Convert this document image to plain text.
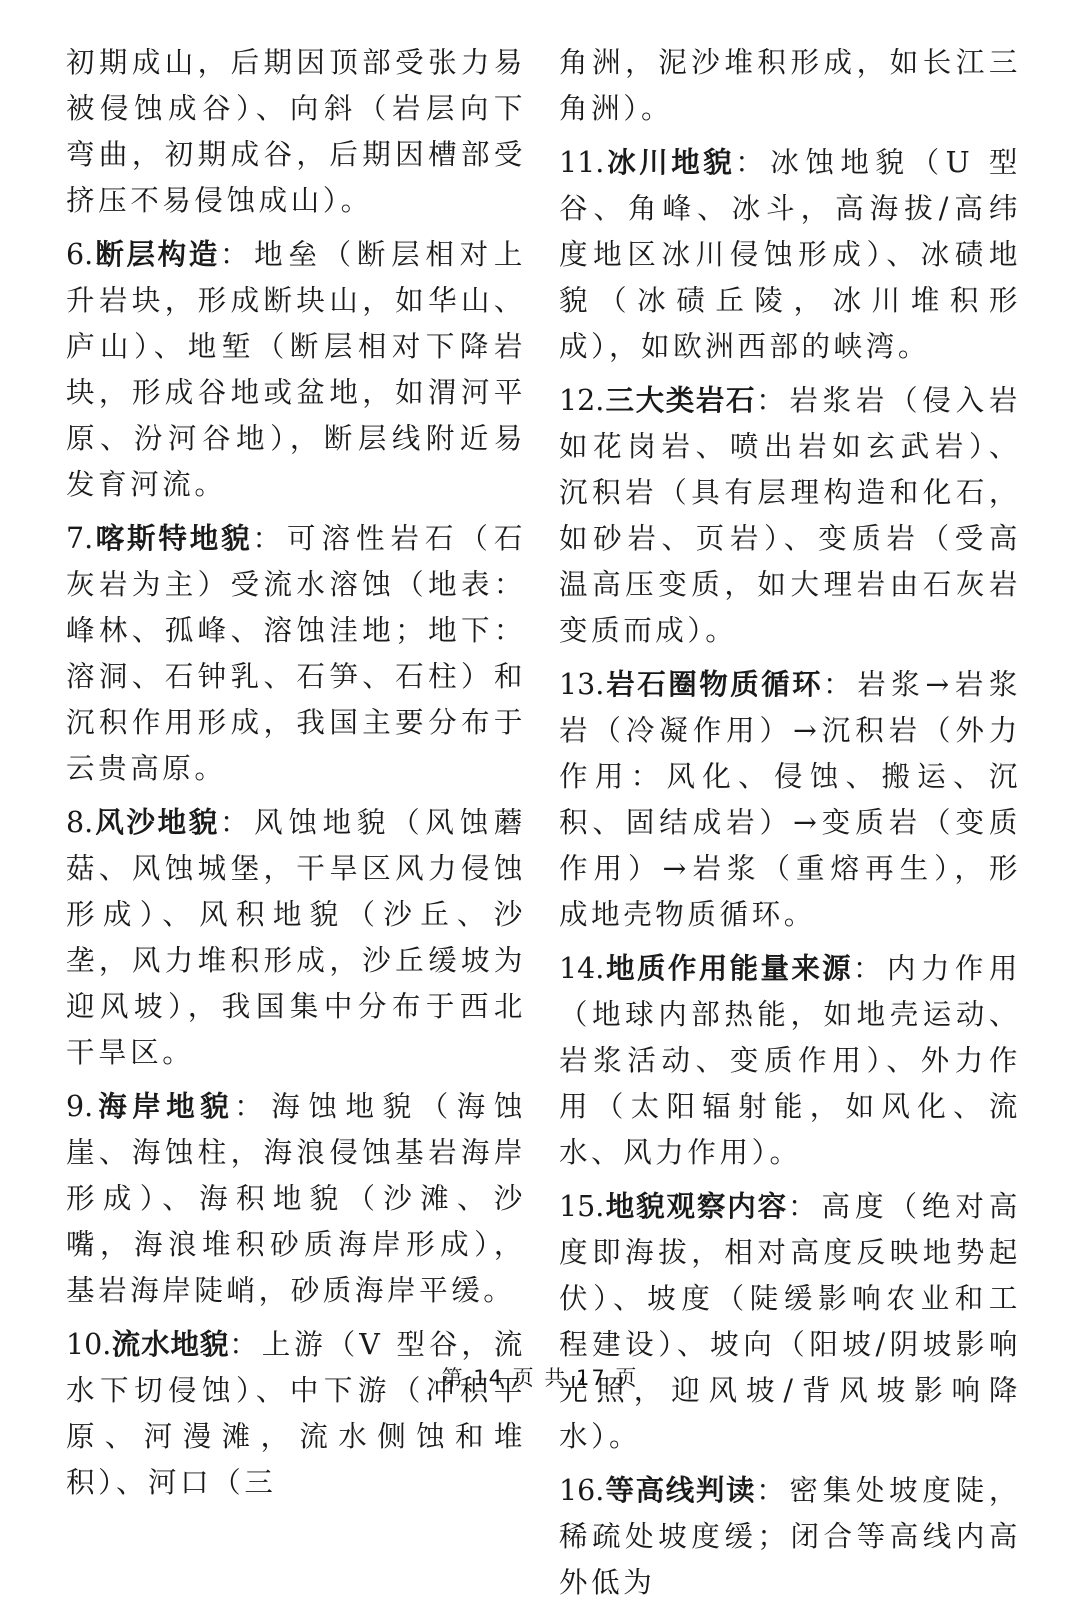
初期成山，后期因顶部受张力易被侵蚀成谷）、向斜（岩层向下弯曲，初期成谷，后期因槽部受挤压不易侵蚀成山）。

6.断层构造：地垒（断层相对上升岩块，形成断块山，如华山、庐山）、地堑（断层相对下降岩块，形成谷地或盆地，如渭河平原、汾河谷地），断层线附近易发育河流。

7.喀斯特地貌：可溶性岩石（石灰岩为主）受流水溶蚀（地表：峰林、孤峰、溶蚀洼地；地下：溶洞、石钟乳、石笋、石柱）和沉积作用形成，我国主要分布于云贵高原。

8.风沙地貌：风蚀地貌（风蚀蘑菇、风蚀城堡，干旱区风力侵蚀形成）、风积地貌（沙丘、沙垄，风力堆积形成，沙丘缓坡为迎风坡），我国集中分布于西北干旱区。

9.海岸地貌：海蚀地貌（海蚀崖、海蚀柱，海浪侵蚀基岩海岸形成）、海积地貌（沙滩、沙嘴，海浪堆积砂质海岸形成），基岩海岸陡峭，砂质海岸平缓。

10.流水地貌：上游（V 型谷，流水下切侵蚀）、中下游（冲积平原、河漫滩，流水侧蚀和堆积）、河口（三

角洲，泥沙堆积形成，如长江三角洲）。

11.冰川地貌：冰蚀地貌（U 型谷、角峰、冰斗，高海拔/高纬度地区冰川侵蚀形成）、冰碛地貌（冰碛丘陵，冰川堆积形成），如欧洲西部的峡湾。

12.三大类岩石：岩浆岩（侵入岩如花岗岩、喷出岩如玄武岩）、沉积岩（具有层理构造和化石，如砂岩、页岩）、变质岩（受高温高压变质，如大理岩由石灰岩变质而成）。

13.岩石圈物质循环：岩浆→岩浆岩（冷凝作用）→沉积岩（外力作用：风化、侵蚀、搬运、沉积、固结成岩）→变质岩（变质作用）→岩浆（重熔再生），形成地壳物质循环。

14.地质作用能量来源：内力作用（地球内部热能，如地壳运动、岩浆活动、变质作用）、外力作用（太阳辐射能，如风化、流水、风力作用）。

15.地貌观察内容：高度（绝对高度即海拔，相对高度反映地势起伏）、坡度（陡缓影响农业和工程建设）、坡向（阳坡/阴坡影响光照，迎风坡/背风坡影响降水）。

16.等高线判读：密集处坡度陡，稀疏处坡度缓；闭合等高线内高外低为

第 14 页 共 17 页
